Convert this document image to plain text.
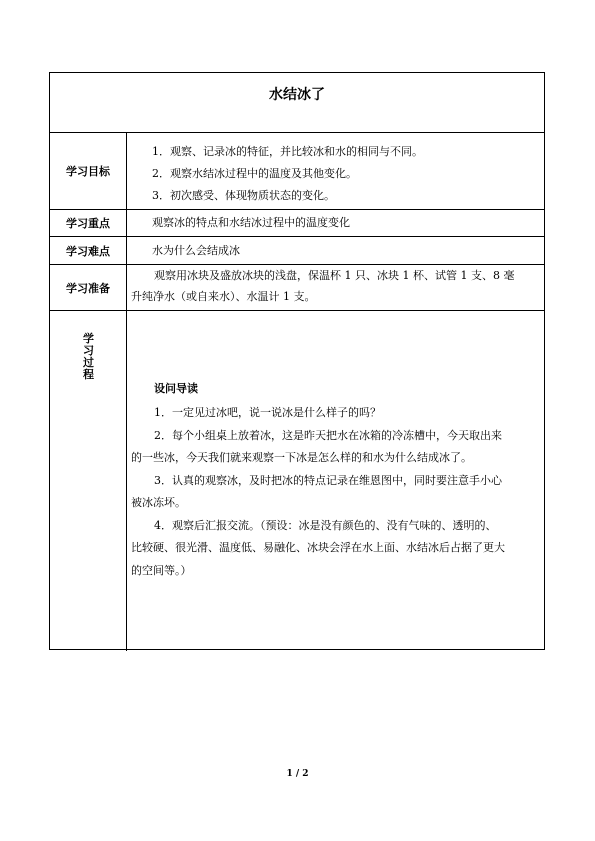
水结冰了
学习目标
1．观察、记录冰的特征，并比较冰和水的相同与不同。
2．观察水结冰过程中的温度及其他变化。
3．初次感受、体现物质状态的变化。
学习重点	观察冰的特点和水结冰过程中的温度变化
学习难点	水为什么会结成冰
学习准备
观察用冰块及盛放冰块的浅盘，保温杯 1 只、冰块 1 杯、试管 1 支、8 毫
升纯净水（或自来水）、水温计 1 支。
学
习
过
程
设问导读
1．一定见过冰吧，说一说冰是什么样子的吗？
2．每个小组桌上放着冰，这是昨天把水在冰箱的冷冻槽中，今天取出来
的一些冰，今天我们就来观察一下冰是怎么样的和水为什么结成冰了。
3．认真的观察冰，及时把冰的特点记录在维恩图中，同时要注意手小心
被冰冻坏。
4．观察后汇报交流。（预设：冰是没有颜色的、没有气味的、透明的、
比较硬、很光滑、温度低、易融化、冰块会浮在水上面、水结冰后占据了更大
的空间等。）
1 / 2
